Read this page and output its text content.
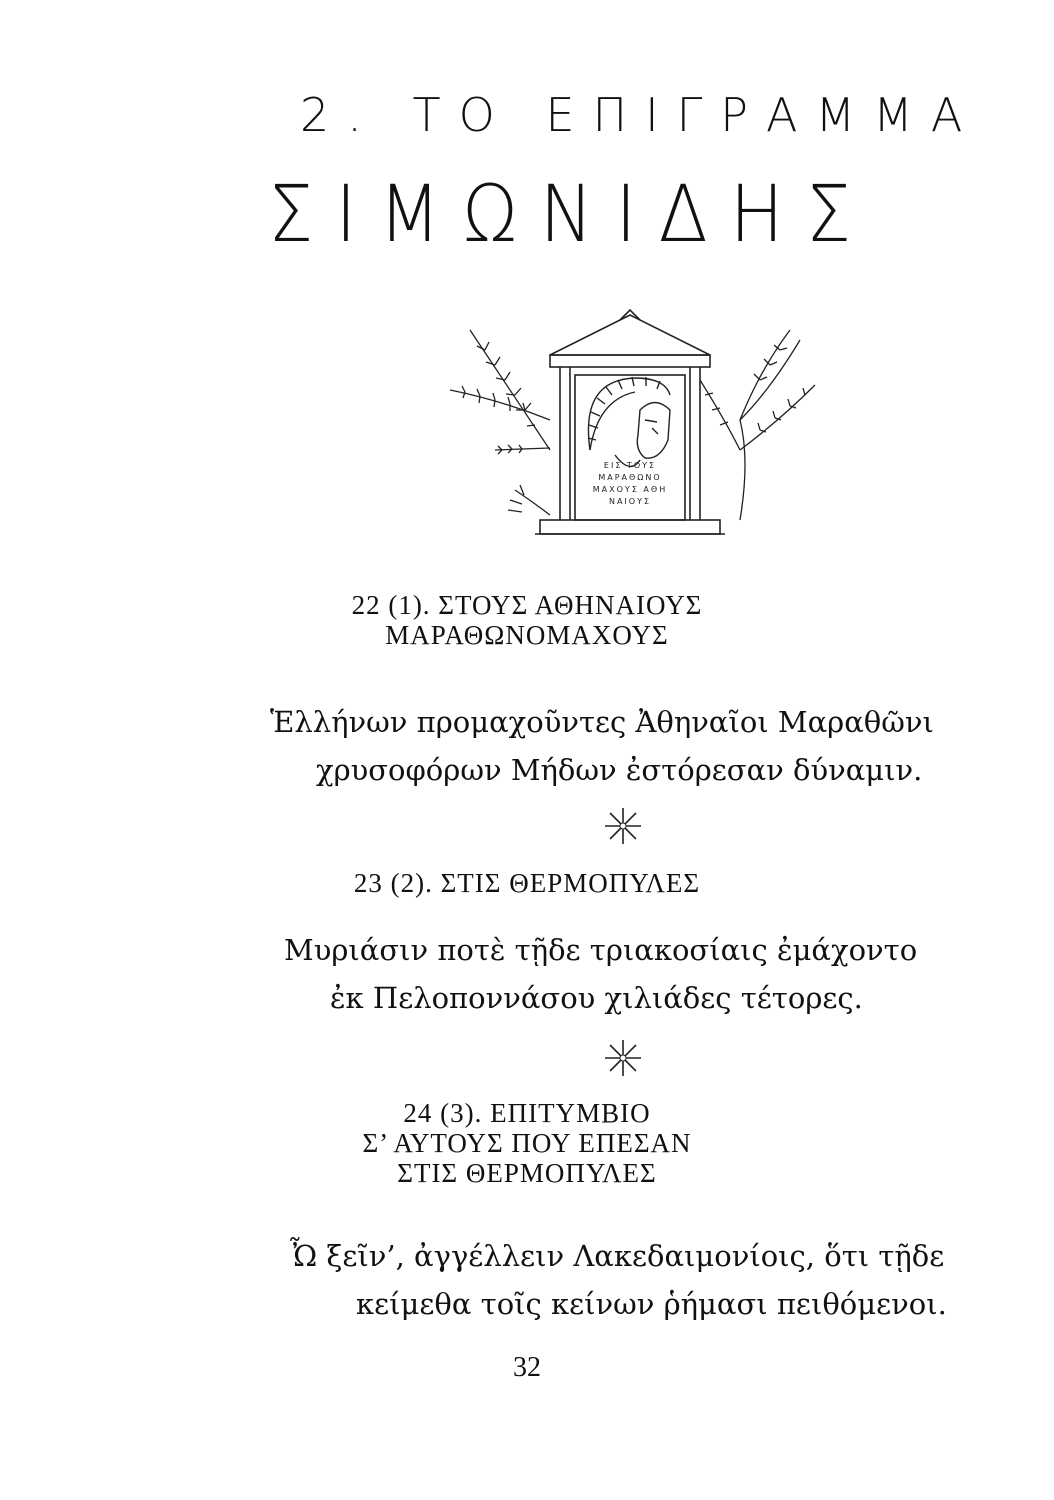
2. ΤΟ ΕΠΙΓΡΑΜΜΑ
ΣΙΜΩΝΙΔΗΣ
ΕΙΣ ΤΟΥΣ
ΜΑΡΑΘΩΝΟ
ΜΑΧΟΥΣ ΑΘΗ
ΝΑΙΟΥΣ
22 (1). ΣΤΟΥΣ ΑΘΗΝΑΙΟΥΣ
ΜΑΡΑΘΩΝΟΜΑΧΟΥΣ
Ἑλλήνων προμαχοῦντες Ἀθηναῖοι Μαραθῶνι
χρυσοφόρων Μήδων ἐστόρεσαν δύναμιν.
23 (2). ΣΤΙΣ ΘΕΡΜΟΠΥΛΕΣ
Μυριάσιν ποτὲ τῇδε τριακοσίαις ἐμάχοντο
ἐκ Πελοποννάσου χιλιάδες τέτορες.
24 (3). ΕΠΙΤΥΜΒΙΟ
Σ’ ΑΥΤΟΥΣ ΠΟΥ ΕΠΕΣΑΝ
ΣΤΙΣ ΘΕΡΜΟΠΥΛΕΣ
Ὦ ξεῖν’, ἀγγέλλειν Λακεδαιμονίοις, ὅτι τῇδε
κείμεθα τοῖς κείνων ῥήμασι πειθόμενοι.
32
